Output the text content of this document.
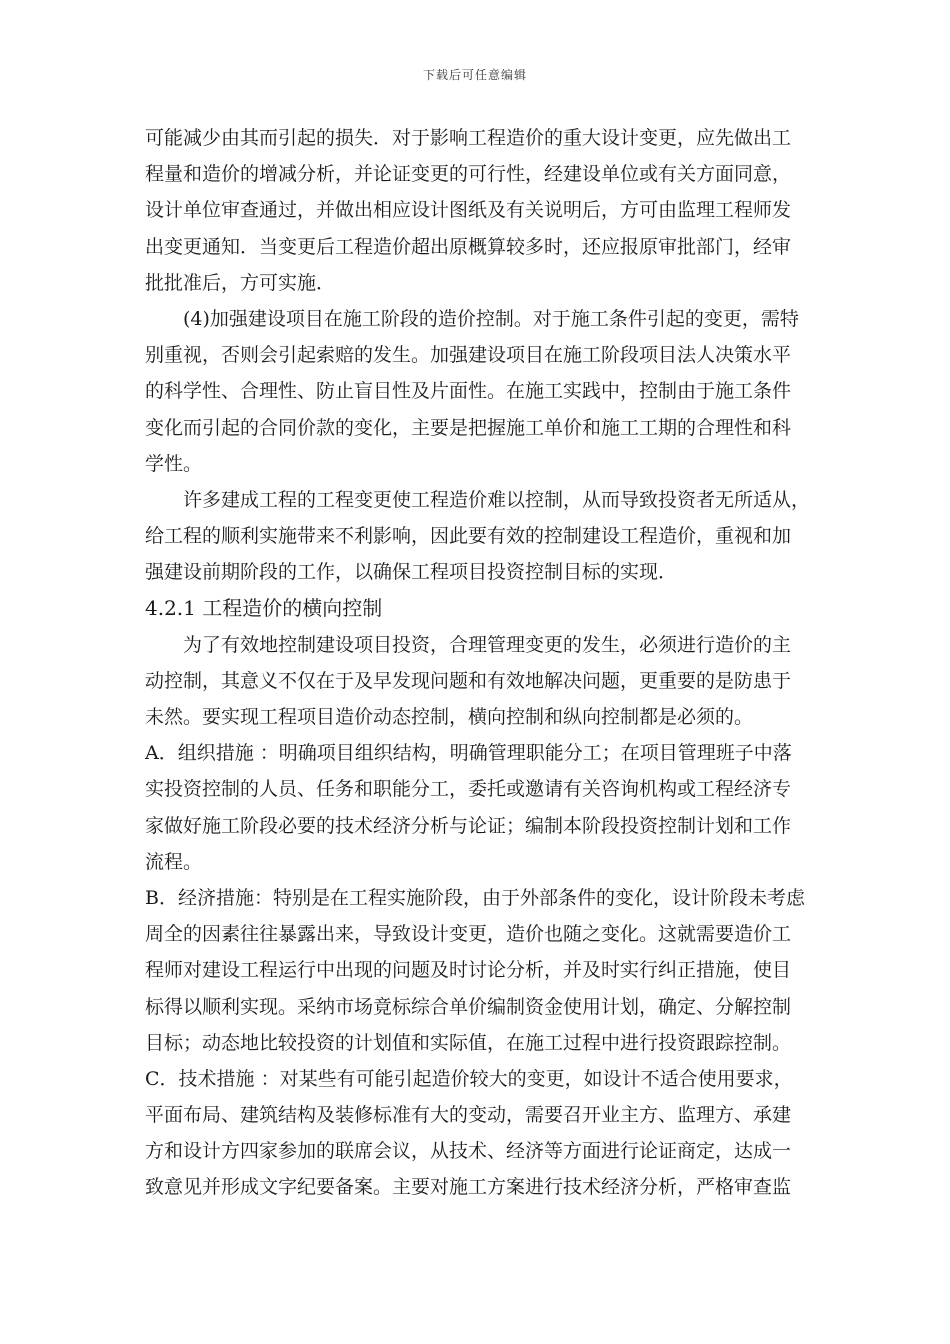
下载后可任意编辑
可能减少由其而引起的损失．对于影响工程造价的重大设计变更，应先做出工
程量和造价的增减分析，并论证变更的可行性，经建设单位或有关方面同意，
设计单位审查通过，并做出相应设计图纸及有关说明后，方可由监理工程师发
出变更通知．当变更后工程造价超出原概算较多时，还应报原审批部门，经审
批批准后，方可实施．
(4)加强建设项目在施工阶段的造价控制。对于施工条件引起的变更，需特
别重视，否则会引起索赔的发生。加强建设项目在施工阶段项目法人决策水平
的科学性、合理性、防止盲目性及片面性。在施工实践中，控制由于施工条件
变化而引起的合同价款的变化，主要是把握施工单价和施工工期的合理性和科
学性。
许多建成工程的工程变更使工程造价难以控制，从而导致投资者无所适从，
给工程的顺利实施带来不利影响，因此要有效的控制建设工程造价，重视和加
强建设前期阶段的工作，以确保工程项目投资控制目标的实现．
4.2.1 工程造价的横向控制
为了有效地控制建设项目投资，合理管理变更的发生，必须进行造价的主
动控制，其意义不仅在于及早发现问题和有效地解决问题，更重要的是防患于
未然。要实现工程项目造价动态控制，横向控制和纵向控制都是必须的。
A．组织措施 ：明确项目组织结构，明确管理职能分工；在项目管理班子中落
实投资控制的人员、任务和职能分工，委托或邀请有关咨询机构或工程经济专
家做好施工阶段必要的技术经济分析与论证；编制本阶段投资控制计划和工作
流程。
B．经济措施：特别是在工程实施阶段，由于外部条件的变化，设计阶段未考虑
周全的因素往往暴露出来，导致设计变更，造价也随之变化。这就需要造价工
程师对建设工程运行中出现的问题及时讨论分析，并及时实行纠正措施，使目
标得以顺利实现。采纳市场竟标综合单价编制资金使用计划，确定、分解控制
目标；动态地比较投资的计划值和实际值，在施工过程中进行投资跟踪控制。
C．技术措施 ：对某些有可能引起造价较大的变更，如设计不适合使用要求，
平面布局、建筑结构及装修标准有大的变动，需要召开业主方、监理方、承建
方和设计方四家参加的联席会议，从技术、经济等方面进行论证商定，达成一
致意见并形成文字纪要备案。主要对施工方案进行技术经济分析，严格审查监
